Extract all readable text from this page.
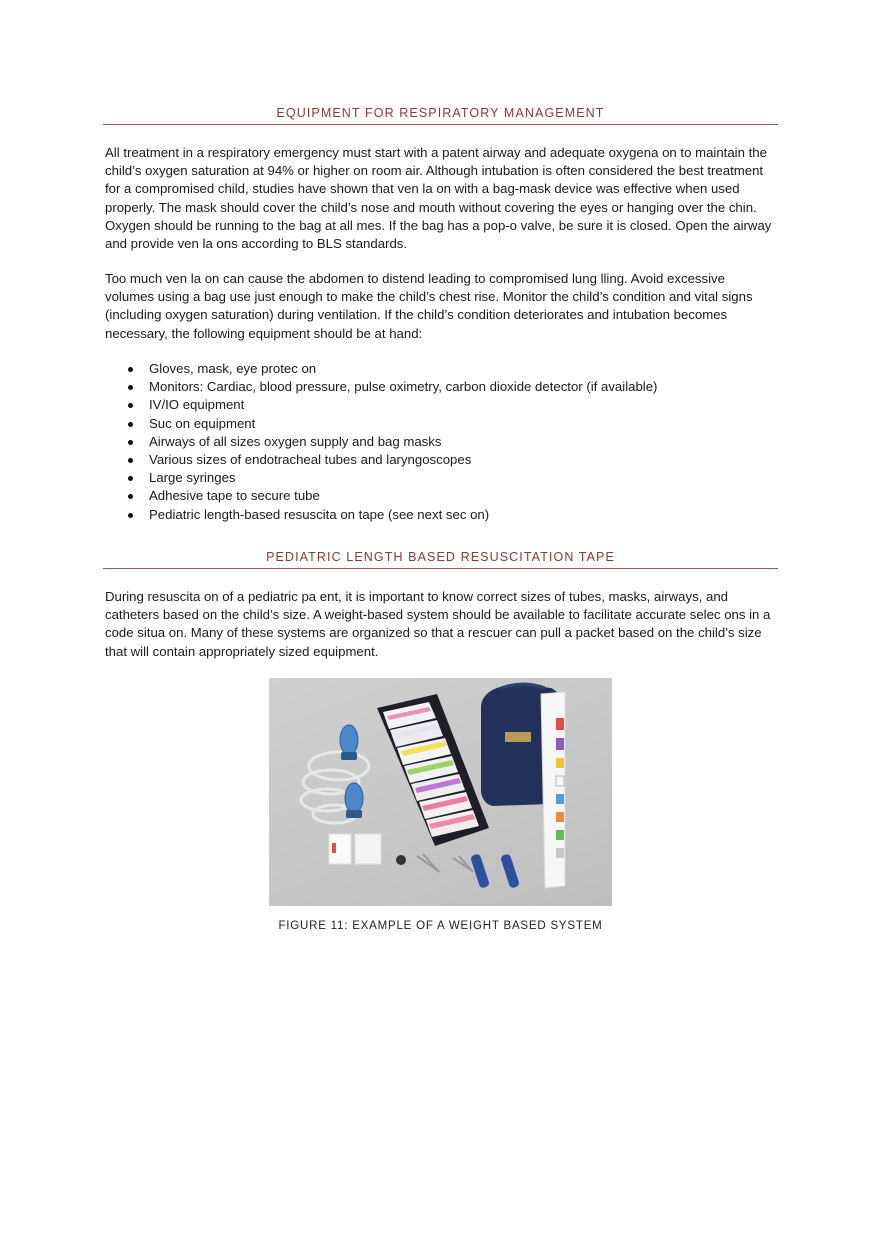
EQUIPMENT FOR RESPIRATORY MANAGEMENT
All treatment in a respiratory emergency must start with a patent airway and adequate oxygena on to maintain the child’s oxygen saturation at 94% or higher on room air. Although intubation is often considered the best treatment for a compromised child, studies have shown that ven la on with a bag-mask device was effective when used properly. The mask should cover the child’s nose and mouth without covering the eyes or hanging over the chin. Oxygen should be running to the bag at all mes. If the bag has a pop-o valve, be sure it is closed. Open the airway and provide ven la ons according to BLS standards.
Too much ven la on can cause the abdomen to distend leading to compromised lung lling. Avoid excessive volumes using a bag use just enough to make the child’s chest rise. Monitor the child’s condition and vital signs (including oxygen saturation) during ventilation. If the child’s condition deteriorates and intubation becomes necessary, the following equipment should be at hand:
Gloves, mask, eye protec on
Monitors: Cardiac, blood pressure, pulse oximetry, carbon dioxide detector (if available)
IV/IO equipment
Suc on equipment
Airways of all sizes oxygen supply and bag masks
Various sizes of endotracheal tubes and laryngoscopes
Large syringes
Adhesive tape to secure tube
Pediatric length-based resuscita on tape (see next sec on)
PEDIATRIC LENGTH BASED RESUSCITATION TAPE
During resuscita on of a pediatric pa ent, it is important to know correct sizes of tubes, masks, airways, and catheters based on the child’s size. A weight-based system should be available to facilitate accurate selec ons in a code situa on. Many of these systems are organized so that a rescuer can pull a packet based on the child’s size that will contain appropriately sized equipment.
FIGURE 11: EXAMPLE OF A WEIGHT BASED SYSTEM
